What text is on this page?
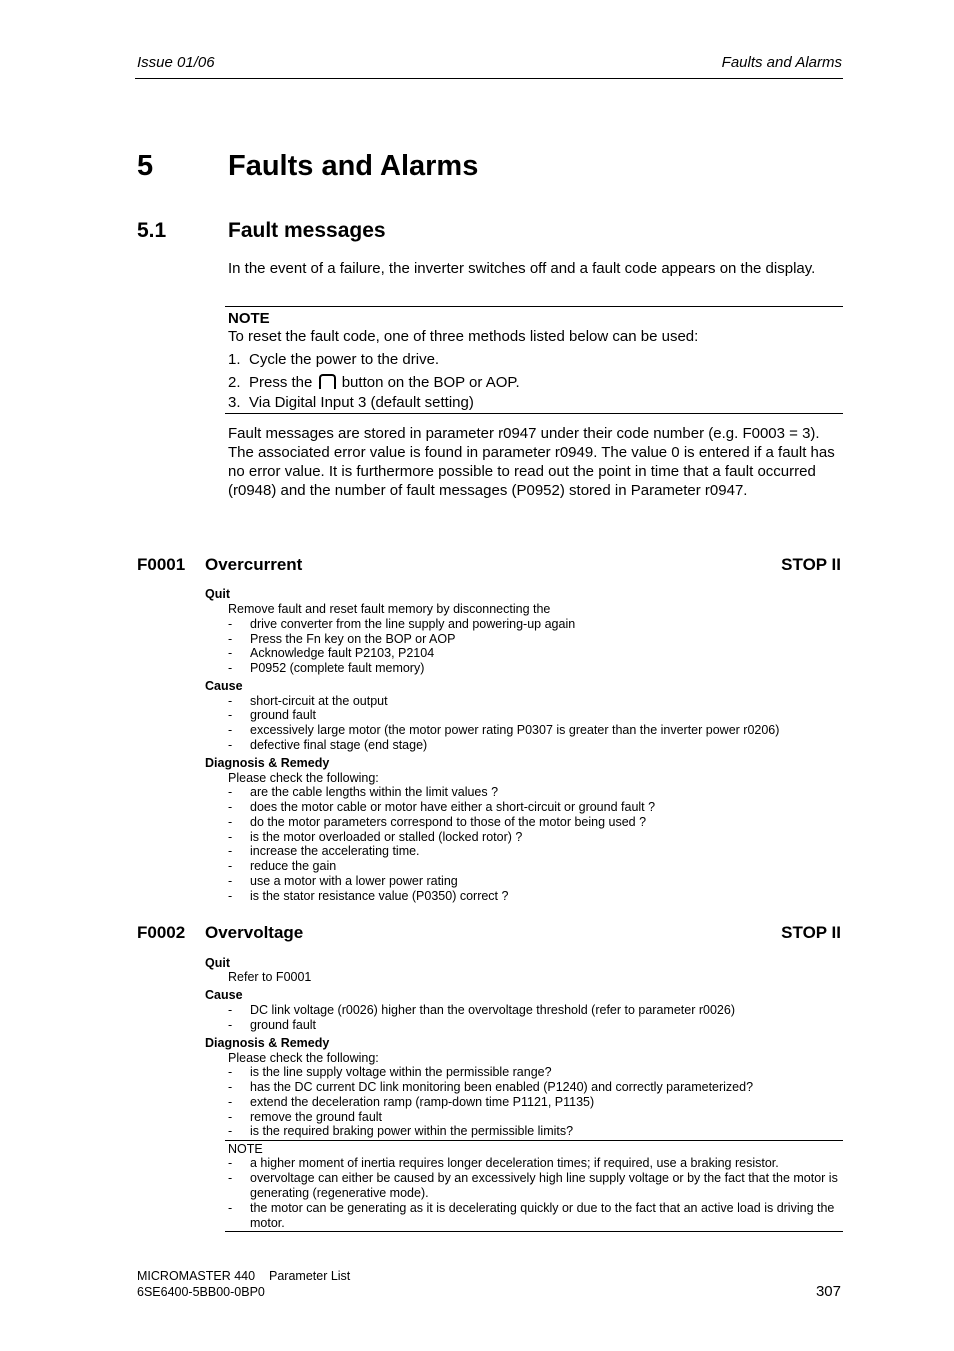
Issue 01/06	Faults and Alarms
5	Faults and Alarms
5.1	Fault messages
In the event of a failure, the inverter switches off and a fault code appears on the display.
NOTE
To reset the fault code, one of three methods listed below can be used:
1. Cycle the power to the drive.
2. Press the button on the BOP or AOP.
3. Via Digital Input 3 (default setting)
Fault messages are stored in parameter r0947 under their code number (e.g. F0003 = 3). The associated error value is found in parameter r0949. The value 0 is entered if a fault has no error value. It is furthermore possible to read out the point in time that a fault occurred (r0948) and the number of fault messages (P0952) stored in Parameter r0947.
F0001 Overcurrent	STOP II
Quit
Remove fault and reset fault memory by disconnecting the
- drive converter from the line supply and powering-up again
- Press the Fn key on the BOP or AOP
- Acknowledge fault P2103, P2104
- P0952 (complete fault memory)
Cause
- short-circuit at the output
- ground fault
- excessively large motor (the motor power rating P0307 is greater than the inverter power r0206)
- defective final stage (end stage)
Diagnosis & Remedy
Please check the following:
- are the cable lengths within the limit values ?
- does the motor cable or motor have either a short-circuit or ground fault ?
- do the motor parameters correspond to those of the motor being used ?
- is the motor overloaded or stalled (locked rotor) ?
- increase the accelerating time.
- reduce the gain
- use a motor with a lower power rating
- is the stator resistance value (P0350) correct ?
F0002 Overvoltage	STOP II
Quit
Refer to F0001
Cause
- DC link voltage (r0026) higher than the overvoltage threshold (refer to parameter r0026)
- ground fault
Diagnosis & Remedy
Please check the following:
- is the line supply voltage within the permissible range?
- has the DC current DC link monitoring been enabled (P1240) and correctly parameterized?
- extend the deceleration ramp (ramp-down time P1121, P1135)
- remove the ground fault
- is the required braking power within the permissible limits?
NOTE
- a higher moment of inertia requires longer deceleration times; if required, use a braking resistor.
- overvoltage can either be caused by an excessively high line supply voltage or by the fact that the motor is generating (regenerative mode).
- the motor can be generating as it is decelerating quickly or due to the fact that an active load is driving the motor.
MICROMASTER 440 Parameter List
6SE6400-5BB00-0BP0	307
